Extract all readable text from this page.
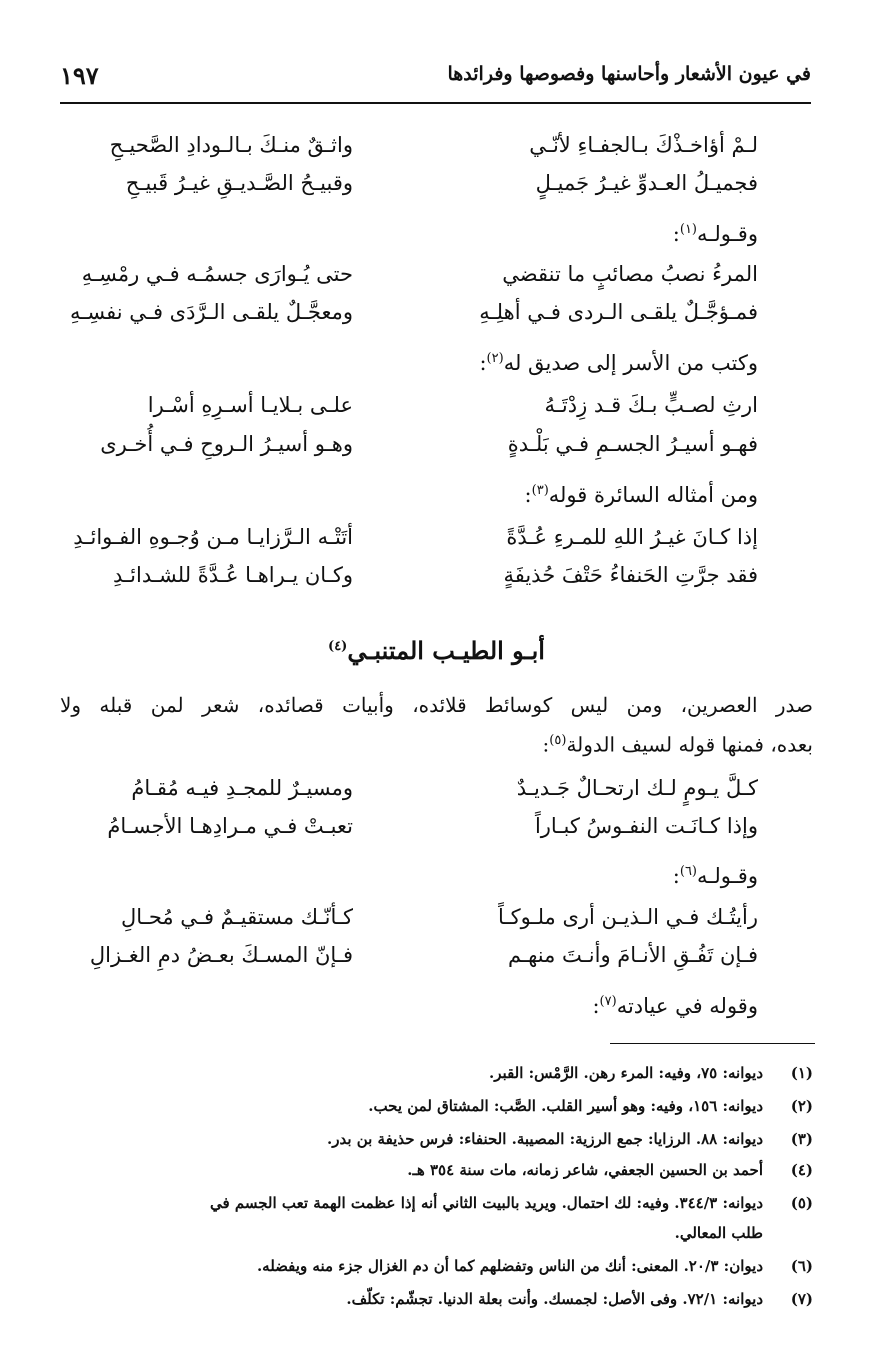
في عيون الأشعار وأحاسنها وفصوصها وفرائدها
١٩٧
لـمْ أؤاخـذْكَ بـالجفـاءِ لأنّـي
واثـقٌ منـكَ بـالـودادِ الصَّحيـحِ
فجميـلُ العـدوِّ غيـرُ جَميـلٍ
وقبيـحُ الصَّـديـقِ غيـرُ قَبيـحِ
وقـولـه$^{(١)}$:
المرءُ نصبُ مصائبٍ ما تنقضي
حتى يُـوارَى جسمُـه فـي رمْسِـهِ
فمـؤجَّـلٌ يلقـى الـردى فـي أهلِـهِ
ومعجَّـلٌ يلقـى الـرَّدَى فـي نفسِـهِ
وكتب من الأسر إلى صديق له$^{(٢)}$:
ارثِ لصـبٍّ بـكَ قـد زِدْتَـهُ
علـى بـلايـا أسـرِهِ أسْـرا
فهـو أسيـرُ الجسـمِ فـي بَلْـدةٍ
وهـو أسيـرُ الـروحِ فـي أُخـرى
ومن أمثاله السائرة قوله$^{(٣)}$:
إذا كـانَ غيـرُ اللهِ للمـرءِ عُـدَّةً
أتَتْـه الـرَّزايـا مـن وُجـوهِ الفـوائـدِ
فقد جرَّتِ الحَنفاءُ حَتْفَ حُذيفَةٍ
وكـان يـراهـا عُـدَّةً للشـدائـدِ
أبـو الطيـب المتنبـي$^{(٤)}$
صدر العصرين، ومن ليس كوسائط قلائده، وأبيات قصائده، شعر لمن قبله ولا
بعده، فمنها قوله لسيف الدولة$^{(٥)}$:
كـلَّ يـومٍ لـك ارتحـالٌ جَـديـدٌ
ومسيـرٌ للمجـدِ فيـه مُقـامُ
وإذا كـانَـت النفـوسُ كبـاراً
تعبـتْ فـي مـرادِهـا الأجسـامُ
وقـولـه$^{(٦)}$:
رأيتُـك فـي الـذيـن أرى ملـوكـاً
كـأنّـك مستقيـمٌ فـي مُحـالِ
فـإن تَفُـقِ الأنـامَ وأنـتَ منهـم
فـإنّ المسـكَ بعـضُ دمِ الغـزالِ
وقوله في عيادته$^{(٧)}$:
(١)
ديوانه: ٧٥، وفيه: المرء رهن. الرَّمْس: القبر.
(٢)
ديوانه: ١٥٦، وفيه: وهو أسير القلب. الصَّب: المشتاق لمن يحب.
(٣)
ديوانه: ٨٨. الرزايا: جمع الرزية: المصيبة. الحنفاء: فرس حذيفة بن بدر.
(٤)
أحمد بن الحسين الجعفي، شاعر زمانه، مات سنة ٣٥٤ هـ.
(٥)
ديوانه: ٣٤٤/٣. وفيه: لك احتمال. ويريد بالبيت الثاني أنه إذا عظمت الهمة تعب الجسم في
طلب المعالي.
(٦)
ديوان: ٢٠/٣. المعنى: أنك من الناس وتفضلهم كما أن دم الغزال جزء منه ويفضله.
(٧)
ديوانه: ٧٢/١. وفى الأصل: لجمسك. وأنت بعلة الدنيا. تجشّم: تكلّف.
